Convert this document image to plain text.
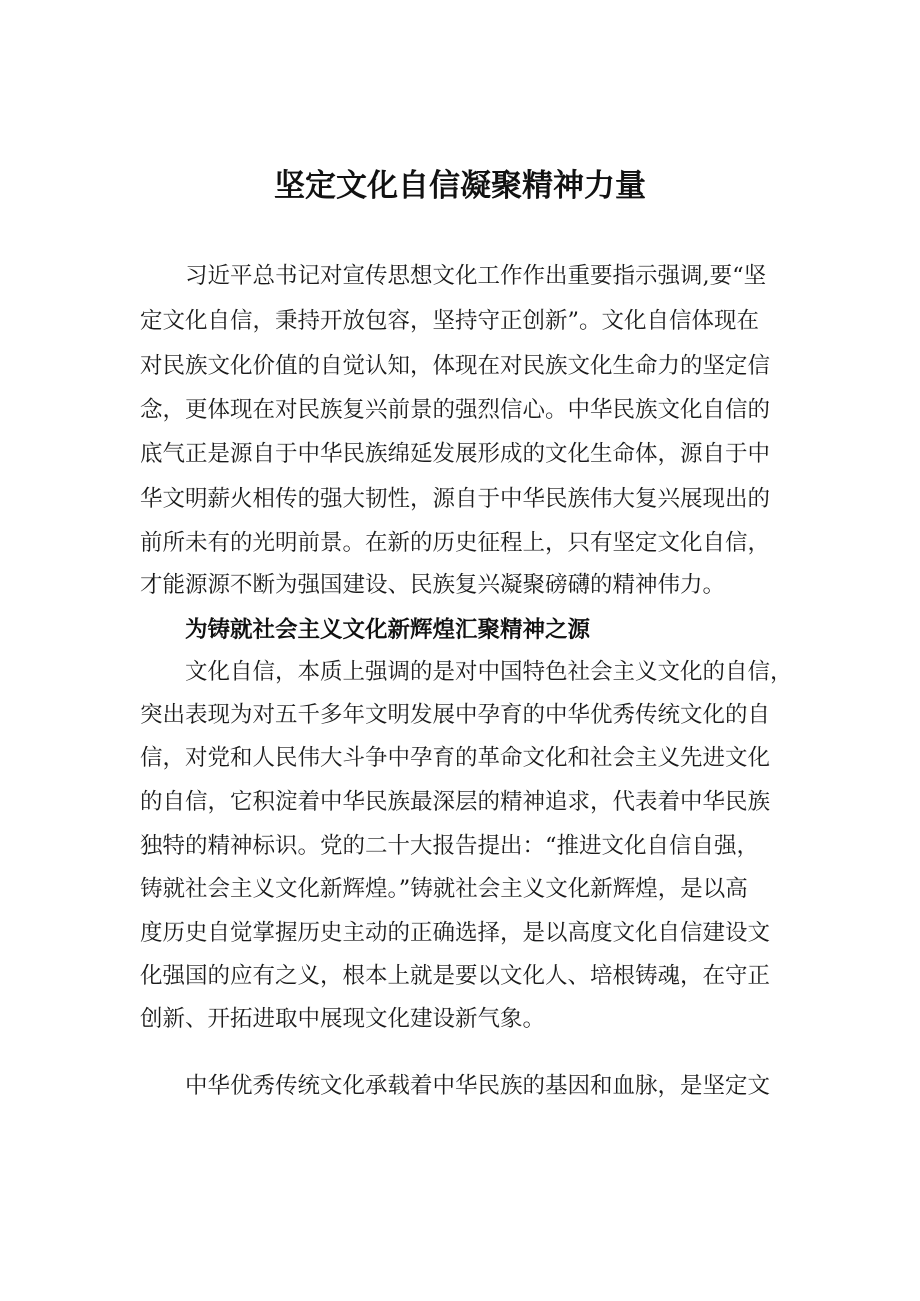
坚定文化自信凝聚精神力量
习近平总书记对宣传思想文化工作作出重要指示强调,要“坚
定文化自信，秉持开放包容，坚持守正创新”。文化自信体现在
对民族文化价值的自觉认知，体现在对民族文化生命力的坚定信
念，更体现在对民族复兴前景的强烈信心。中华民族文化自信的
底气正是源自于中华民族绵延发展形成的文化生命体，源自于中
华文明薪火相传的强大韧性，源自于中华民族伟大复兴展现出的
前所未有的光明前景。在新的历史征程上，只有坚定文化自信，
才能源源不断为强国建设、民族复兴凝聚磅礴的精神伟力。
为铸就社会主义文化新辉煌汇聚精神之源
文化自信，本质上强调的是对中国特色社会主义文化的自信，
突出表现为对五千多年文明发展中孕育的中华优秀传统文化的自
信，对党和人民伟大斗争中孕育的革命文化和社会主义先进文化
的自信，它积淀着中华民族最深层的精神追求，代表着中华民族
独特的精神标识。党的二十大报告提出：“推进文化自信自强，
铸就社会主义文化新辉煌。”铸就社会主义文化新辉煌，是以高
度历史自觉掌握历史主动的正确选择，是以高度文化自信建设文
化强国的应有之义，根本上就是要以文化人、培根铸魂，在守正
创新、开拓进取中展现文化建设新气象。
中华优秀传统文化承载着中华民族的基因和血脉，是坚定文
